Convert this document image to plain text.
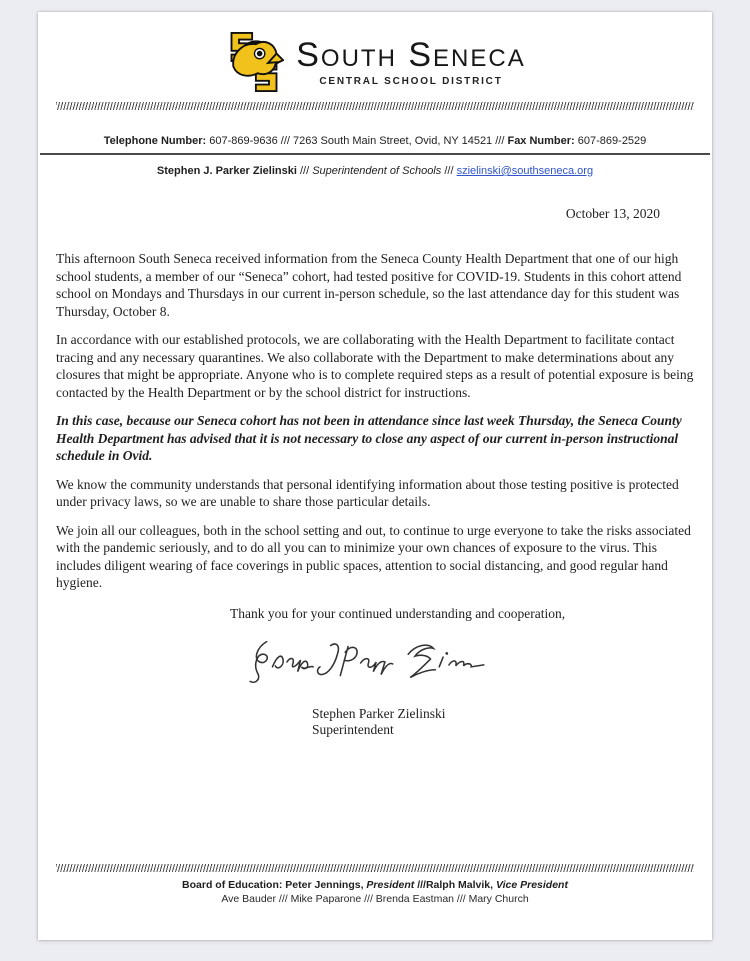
South Seneca
CENTRAL SCHOOL DISTRICT

Telephone Number: 607-869-9636 /// 7263 South Main Street, Ovid, NY 14521 /// Fax Number: 607-869-2529

Stephen J. Parker Zielinski /// Superintendent of Schools /// szielinski@southseneca.org

October 13, 2020

This afternoon South Seneca received information from the Seneca County Health Department that one of our high school students, a member of our “Seneca” cohort, had tested positive for COVID-19. Students in this cohort attend school on Mondays and Thursdays in our current in-person schedule, so the last attendance day for this student was Thursday, October 8.

In accordance with our established protocols, we are collaborating with the Health Department to facilitate contact tracing and any necessary quarantines. We also collaborate with the Department to make determinations about any closures that might be appropriate. Anyone who is to complete required steps as a result of potential exposure is being contacted by the Health Department or by the school district for instructions.

In this case, because our Seneca cohort has not been in attendance since last week Thursday, the Seneca County Health Department has advised that it is not necessary to close any aspect of our current in-person instructional schedule in Ovid.

We know the community understands that personal identifying information about those testing positive is protected under privacy laws, so we are unable to share those particular details.

We join all our colleagues, both in the school setting and out, to continue to urge everyone to take the risks associated with the pandemic seriously, and to do all you can to minimize your own chances of exposure to the virus. This includes diligent wearing of face coverings in public spaces, attention to social distancing, and good regular hand hygiene.

Thank you for your continued understanding and cooperation,

Stephen Parker Zielinski
Superintendent

Board of Education: Peter Jennings, President ///Ralph Malvik, Vice President

Ave Bauder /// Mike Paparone /// Brenda Eastman /// Mary Church
